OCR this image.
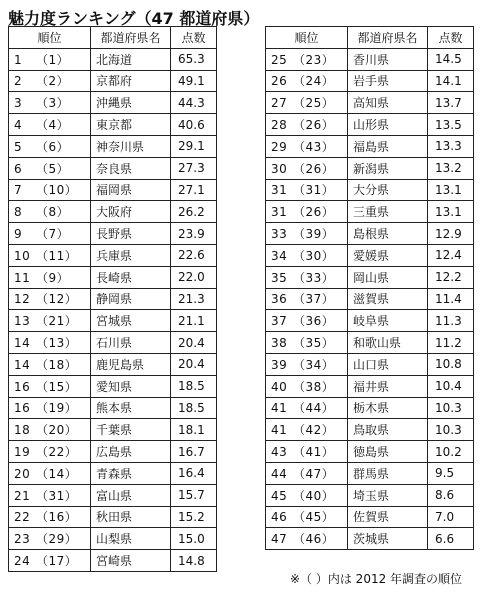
魅力度ランキング（47 都道府県）
順位	都道府県名	点数
1 （1）	北海道	65.3
2 （2）	京都府	49.1
3 （3）	沖縄県	44.3
4 （4）	東京都	40.6
5 （6）	神奈川県	29.1
6 （5）	奈良県	27.3
7 （10）	福岡県	27.1
8 （8）	大阪府	26.2
9 （7）	長野県	23.9
10 （11）	兵庫県	22.6
11 （9）	長崎県	22.0
12 （12）	静岡県	21.3
13 （21）	宮城県	21.1
14 （13）	石川県	20.4
14 （18）	鹿児島県	20.4
16 （15）	愛知県	18.5
16 （19）	熊本県	18.5
18 （20）	千葉県	18.1
19 （22）	広島県	16.7
20 （14）	青森県	16.4
21 （31）	富山県	15.7
22 （16）	秋田県	15.2
23 （29）	山梨県	15.0
24 （17）	宮崎県	14.8
順位	都道府県名	点数
25 （23）	香川県	14.5
26 （24）	岩手県	14.1
27 （25）	高知県	13.7
28 （26）	山形県	13.5
29 （43）	福島県	13.3
30 （26）	新潟県	13.2
31 （31）	大分県	13.1
31 （26）	三重県	13.1
33 （39）	島根県	12.9
34 （30）	愛媛県	12.4
35 （33）	岡山県	12.2
36 （37）	滋賀県	11.4
37 （36）	岐阜県	11.3
38 （35）	和歌山県	11.2
39 （34）	山口県	10.8
40 （38）	福井県	10.4
41 （44）	栃木県	10.3
41 （42）	鳥取県	10.3
43 （41）	徳島県	10.2
44 （47）	群馬県	9.5
45 （40）	埼玉県	8.6
46 （45）	佐賀県	7.0
47 （46）	茨城県	6.6
※（ ）内は 2012 年調査の順位
